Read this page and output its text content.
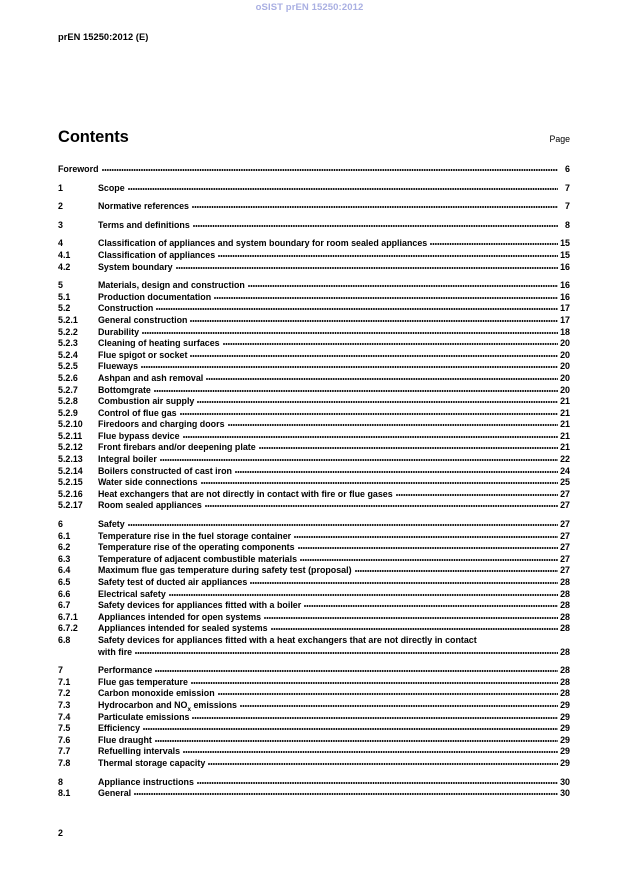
oSIST prEN 15250:2012
prEN 15250:2012 (E)
Contents	Page
Foreword	6
1	Scope	7
2	Normative references	7
3	Terms and definitions	8
4	Classification of appliances and system boundary for room sealed appliances	15
4.1	Classification of appliances	15
4.2	System boundary	16
5	Materials, design and construction	16
5.1	Production documentation	16
5.2	Construction	17
5.2.1	General construction	17
5.2.2	Durability	18
5.2.3	Cleaning of heating surfaces	20
5.2.4	Flue spigot or socket	20
5.2.5	Flueways	20
5.2.6	Ashpan and ash removal	20
5.2.7	Bottomgrate	20
5.2.8	Combustion air supply	21
5.2.9	Control of flue gas	21
5.2.10	Firedoors and charging doors	21
5.2.11	Flue bypass device	21
5.2.12	Front firebars and/or deepening plate	21
5.2.13	Integral boiler	22
5.2.14	Boilers constructed of cast iron	24
5.2.15	Water side connections	25
5.2.16	Heat exchangers that are not directly in contact with fire or flue gases	27
5.2.17	Room sealed appliances	27
6	Safety	27
6.1	Temperature rise in the fuel storage container	27
6.2	Temperature rise of the operating components	27
6.3	Temperature of adjacent combustible materials	27
6.4	Maximum flue gas temperature during safety test (proposal)	27
6.5	Safety test of ducted air appliances	28
6.6	Electrical safety	28
6.7	Safety devices for appliances fitted with a boiler	28
6.7.1	Appliances intended for open systems	28
6.7.2	Appliances intended for sealed systems	28
6.8	Safety devices for appliances fitted with a heat exchangers that are not directly in contact
with fire	28
7	Performance	28
7.1	Flue gas temperature	28
7.2	Carbon monoxide emission	28
7.3	Hydrocarbon and $NO_x$ emissions	29
7.4	Particulate emissions	29
7.5	Efficiency	29
7.6	Flue draught	29
7.7	Refuelling intervals	29
7.8	Thermal storage capacity	29
8	Appliance instructions	30
8.1	General	30
2
